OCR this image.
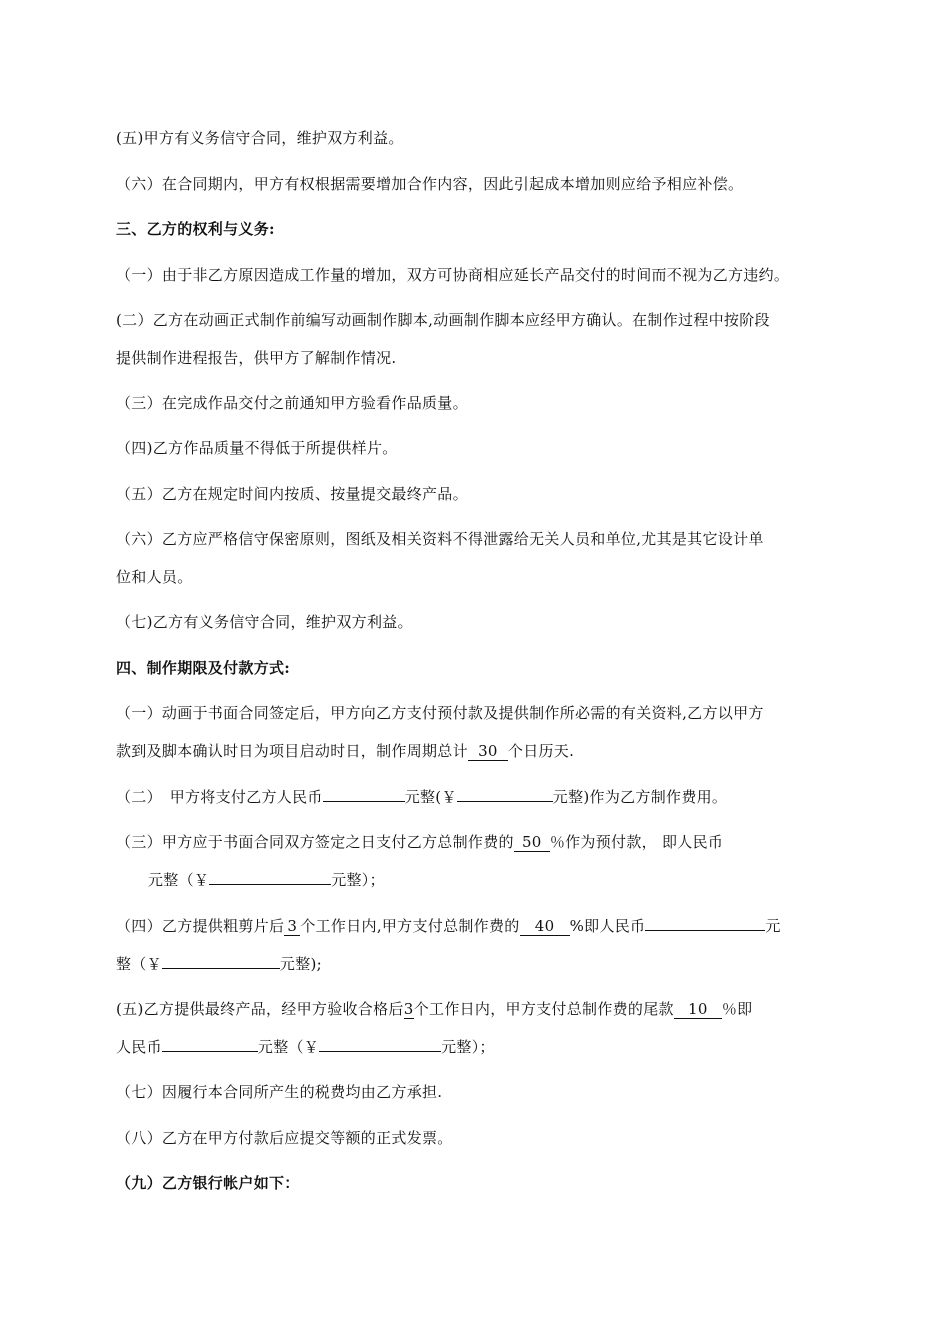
(五)甲方有义务信守合同，维护双方利益。
（六）在合同期内，甲方有权根据需要增加合作内容，因此引起成本增加则应给予相应补偿。
三、乙方的权利与义务:
（一）由于非乙方原因造成工作量的增加，双方可协商相应延长产品交付的时间而不视为乙方违约。
(二）乙方在动画正式制作前编写动画制作脚本,动画制作脚本应经甲方确认。在制作过程中按阶段
提供制作进程报告，供甲方了解制作情况.
（三）在完成作品交付之前通知甲方验看作品质量。
（四)乙方作品质量不得低于所提供样片。
（五）乙方在规定时间内按质、按量提交最终产品。
（六）乙方应严格信守保密原则，图纸及相关资料不得泄露给无关人员和单位,尤其是其它设计单
位和人员。
（七)乙方有义务信守合同，维护双方利益。
四、制作期限及付款方式:
（一）动画于书面合同签定后，甲方向乙方支付预付款及提供制作所必需的有关资料,乙方以甲方
款到及脚本确认时日为项目启动时日，制作周期总计 30 个日历天.
（二）　甲方将支付乙方人民币	元整(￥	元整)作为乙方制作费用。
（三）甲方应于书面合同双方签定之日支付乙方总制作费的 50 ％作为预付款， 即人民币
元整（￥	元整）；
（四）乙方提供粗剪片后 3 个工作日内,甲方支付总制作费的 40 %即人民币	元
整（￥	元整);
(五)乙方提供最终产品，经甲方验收合格后3个工作日内，甲方支付总制作费的尾款 10 ％即
人民币	元整（￥	元整）；
（七）因履行本合同所产生的税费均由乙方承担.
（八）乙方在甲方付款后应提交等额的正式发票。
（九）乙方银行帐户如下：
